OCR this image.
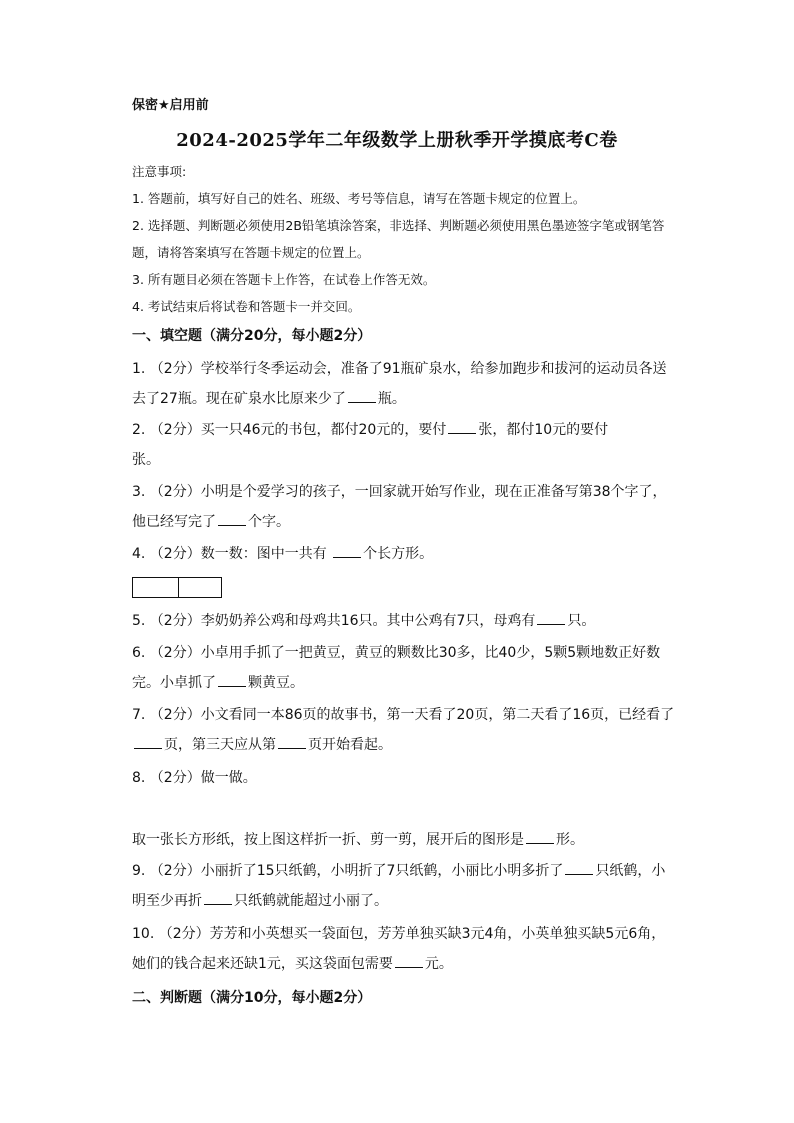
保密★启用前
2024-2025学年二年级数学上册秋季开学摸底考C卷

注意事项:

1. 答题前，填写好自己的姓名、班级、考号等信息，请写在答题卡规定的位置上。

2. 选择题、判断题必须使用2B铅笔填涂答案，非选择、判断题必须使用黑色墨迹签字笔或钢笔答题，请将答案填写在答题卡规定的位置上。

3. 所有题目必须在答题卡上作答，在试卷上作答无效。

4. 考试结束后将试卷和答题卡一并交回。

一、填空题（满分20分，每小题2分）

1. （2分）学校举行冬季运动会，准备了91瓶矿泉水，给参加跑步和拔河的运动员各送去了27瓶。现在矿泉水比原来少了 瓶。

2. （2分）买一只46元的书包，都付20元的，要付 张，都付10元的要付

张。

3. （2分）小明是个爱学习的孩子，一回家就开始写作业，现在正准备写第38个字了，他已经写完了 个字。

4. （2分）数一数：图中一共有 个长方形。

5. （2分）李奶奶养公鸡和母鸡共16只。其中公鸡有7只，母鸡有 只。

6. （2分）小卓用手抓了一把黄豆，黄豆的颗数比30多，比40少，5颗5颗地数正好数完。小卓抓了 颗黄豆。

7. （2分）小文看同一本86页的故事书，第一天看了20页，第二天看了16页，已经看了页，第三天应从第 页开始看起。

8. （2分）做一做。

取一张长方形纸，按上图这样折一折、剪一剪，展开后的图形是 形。

9. （2分）小丽折了15只纸鹤，小明折了7只纸鹤，小丽比小明多折了 只纸鹤，小明至少再折 只纸鹤就能超过小丽了。

10. （2分）芳芳和小英想买一袋面包，芳芳单独买缺3元4角，小英单独买缺5元6角，她们的钱合起来还缺1元，买这袋面包需要 元。

二、判断题（满分10分，每小题2分）
